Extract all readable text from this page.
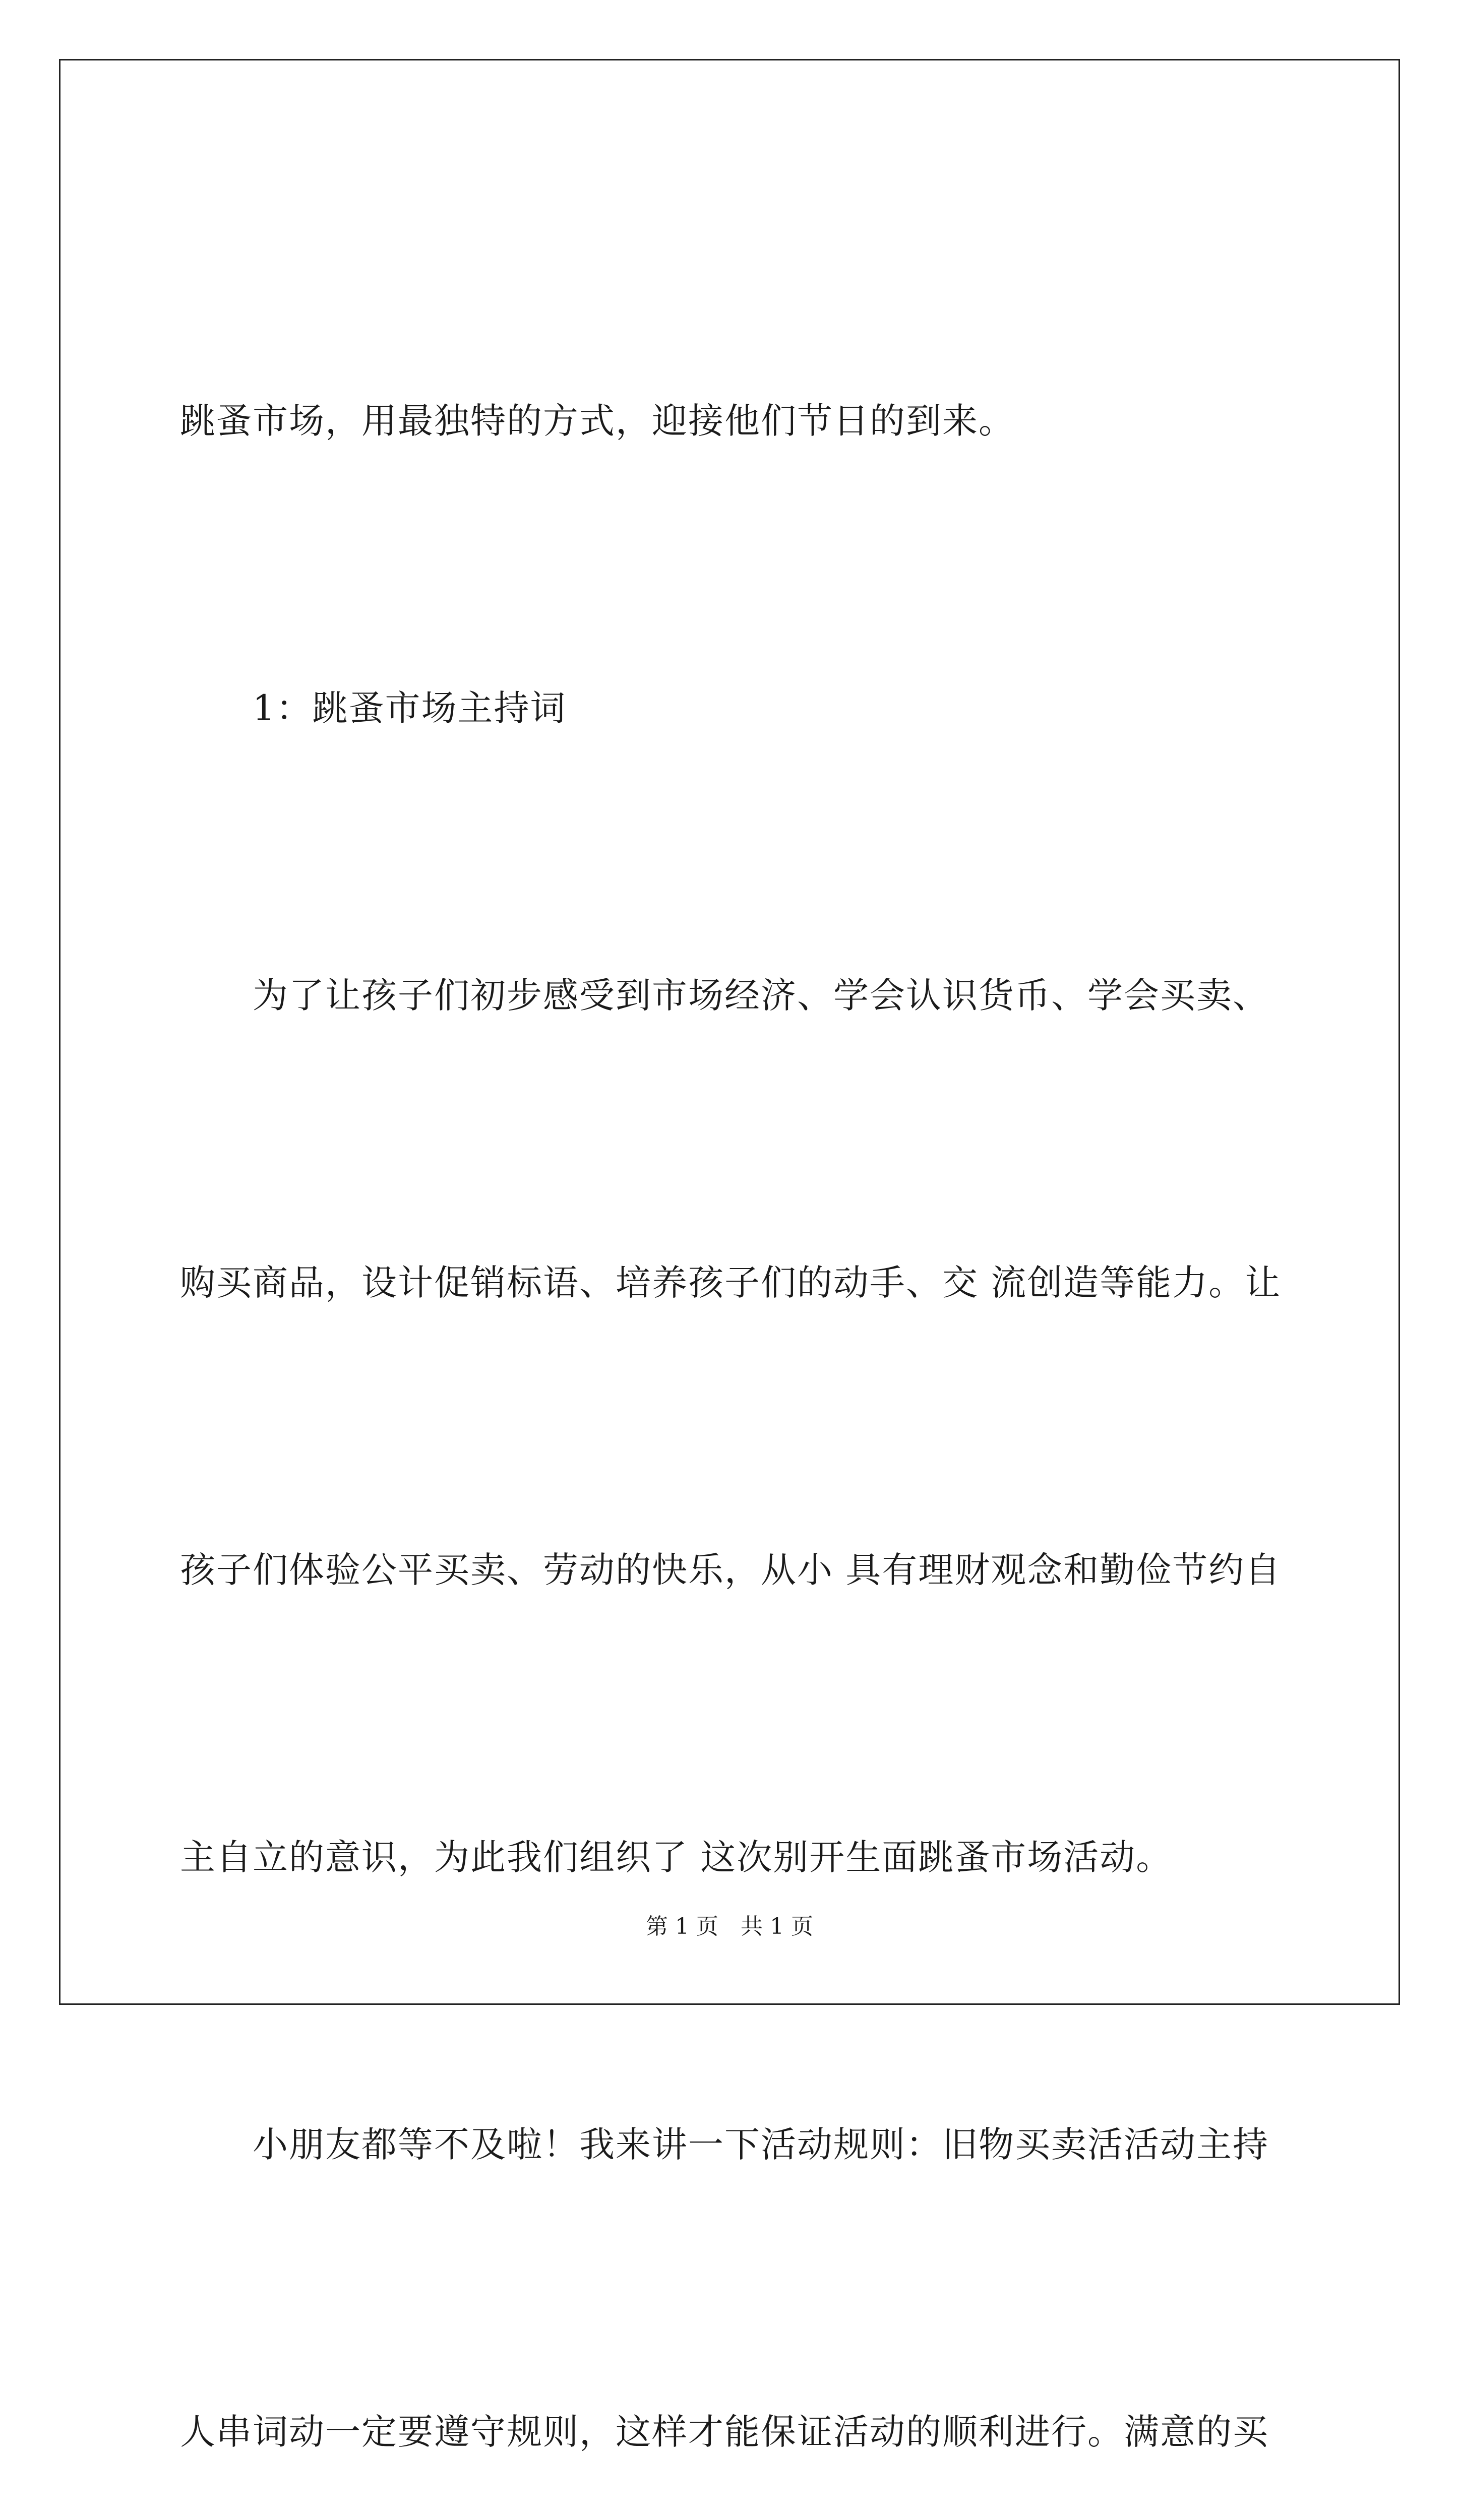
跳蚤市场，用最独特的方式，迎接他们节日的到来。

　　1：跳蚤市场主持词

　　为了让孩子们初步感受到市场经济、学会认识货币、学会买卖、

购买商品，设计促销标语、培养孩子们的动手、交 流创造等能力。让

孩子们体验公平买卖、劳动的快乐，从小 具有理财观念和勤俭节约自

主自立的意识，为此我们组织了 这次别开生面跳蚤市场活动。

　　小朋友都等不及啦！我来讲一下活动规则：旧物买卖活活动主持

人串词动一定要遵守规则，这样才能保证活动的顺利进行。满意的买

第 1 页　共 1 页
